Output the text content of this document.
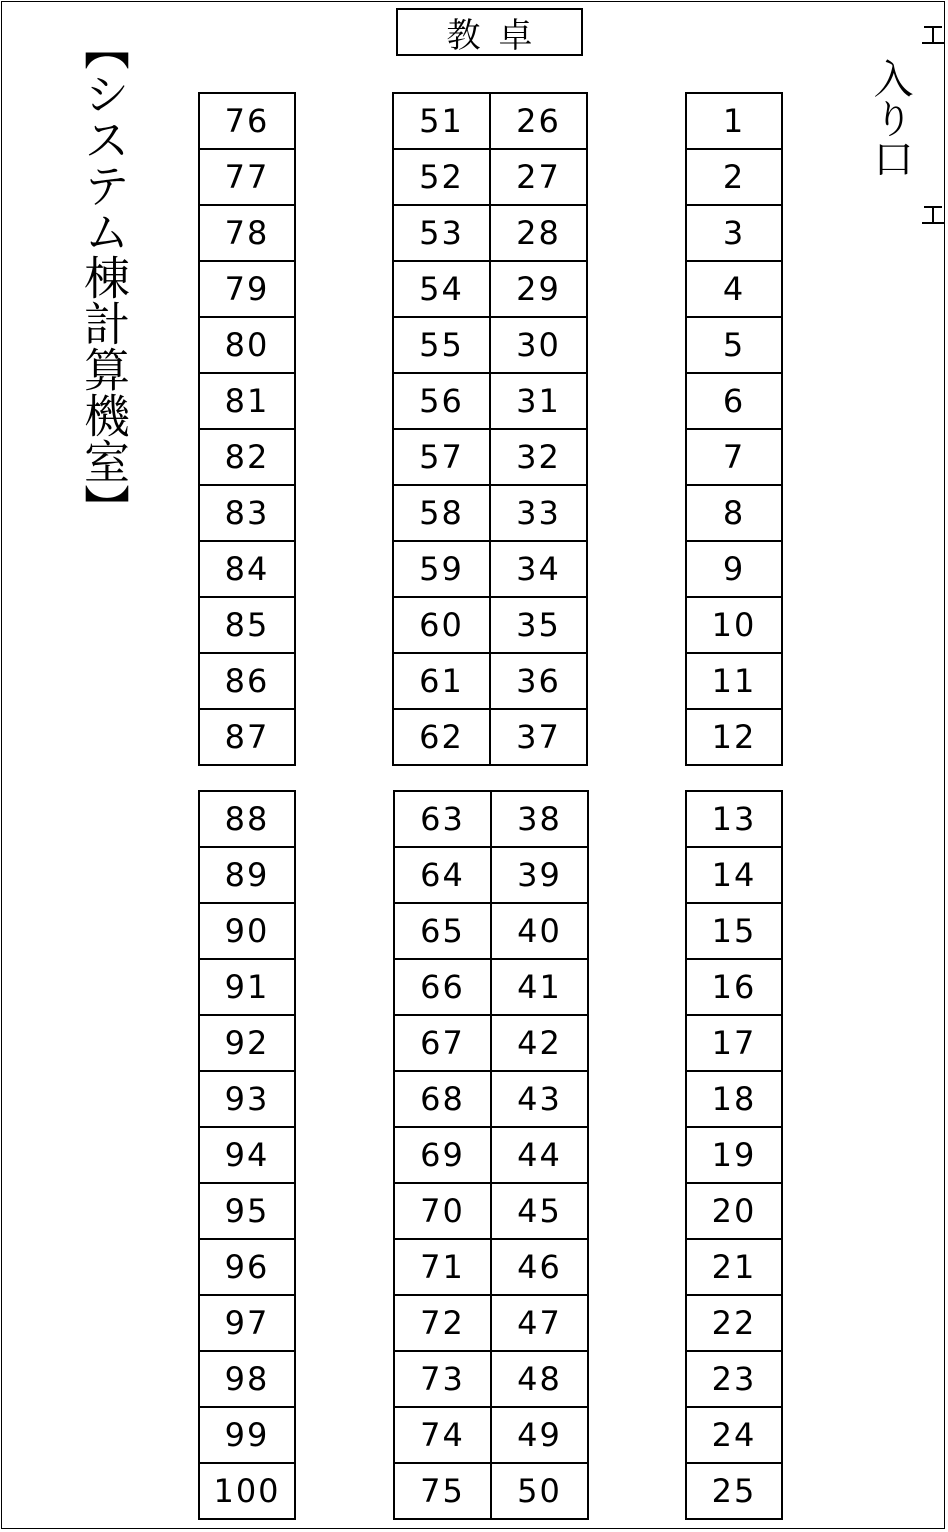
【システム棟計算機室】	教卓
入り口
76
77
78
79
80
81
82
83
84
85
86
87
88
89
90
91
92
93
94
95
96
97
98
99
100
51	26
52	27
53	28
54	29
55	30
56	31
57	32
58	33
59	34
60	35
61	36
62	37
63	38
64	39
65	40
66	41
67	42
68	43
69	44
70	45
71	46
72	47
73	48
74	49
75	50
1
2
3
4
5
6
7
8
9
10
11
12
13
14
15
16
17
18
19
20
21
22
23
24
25
